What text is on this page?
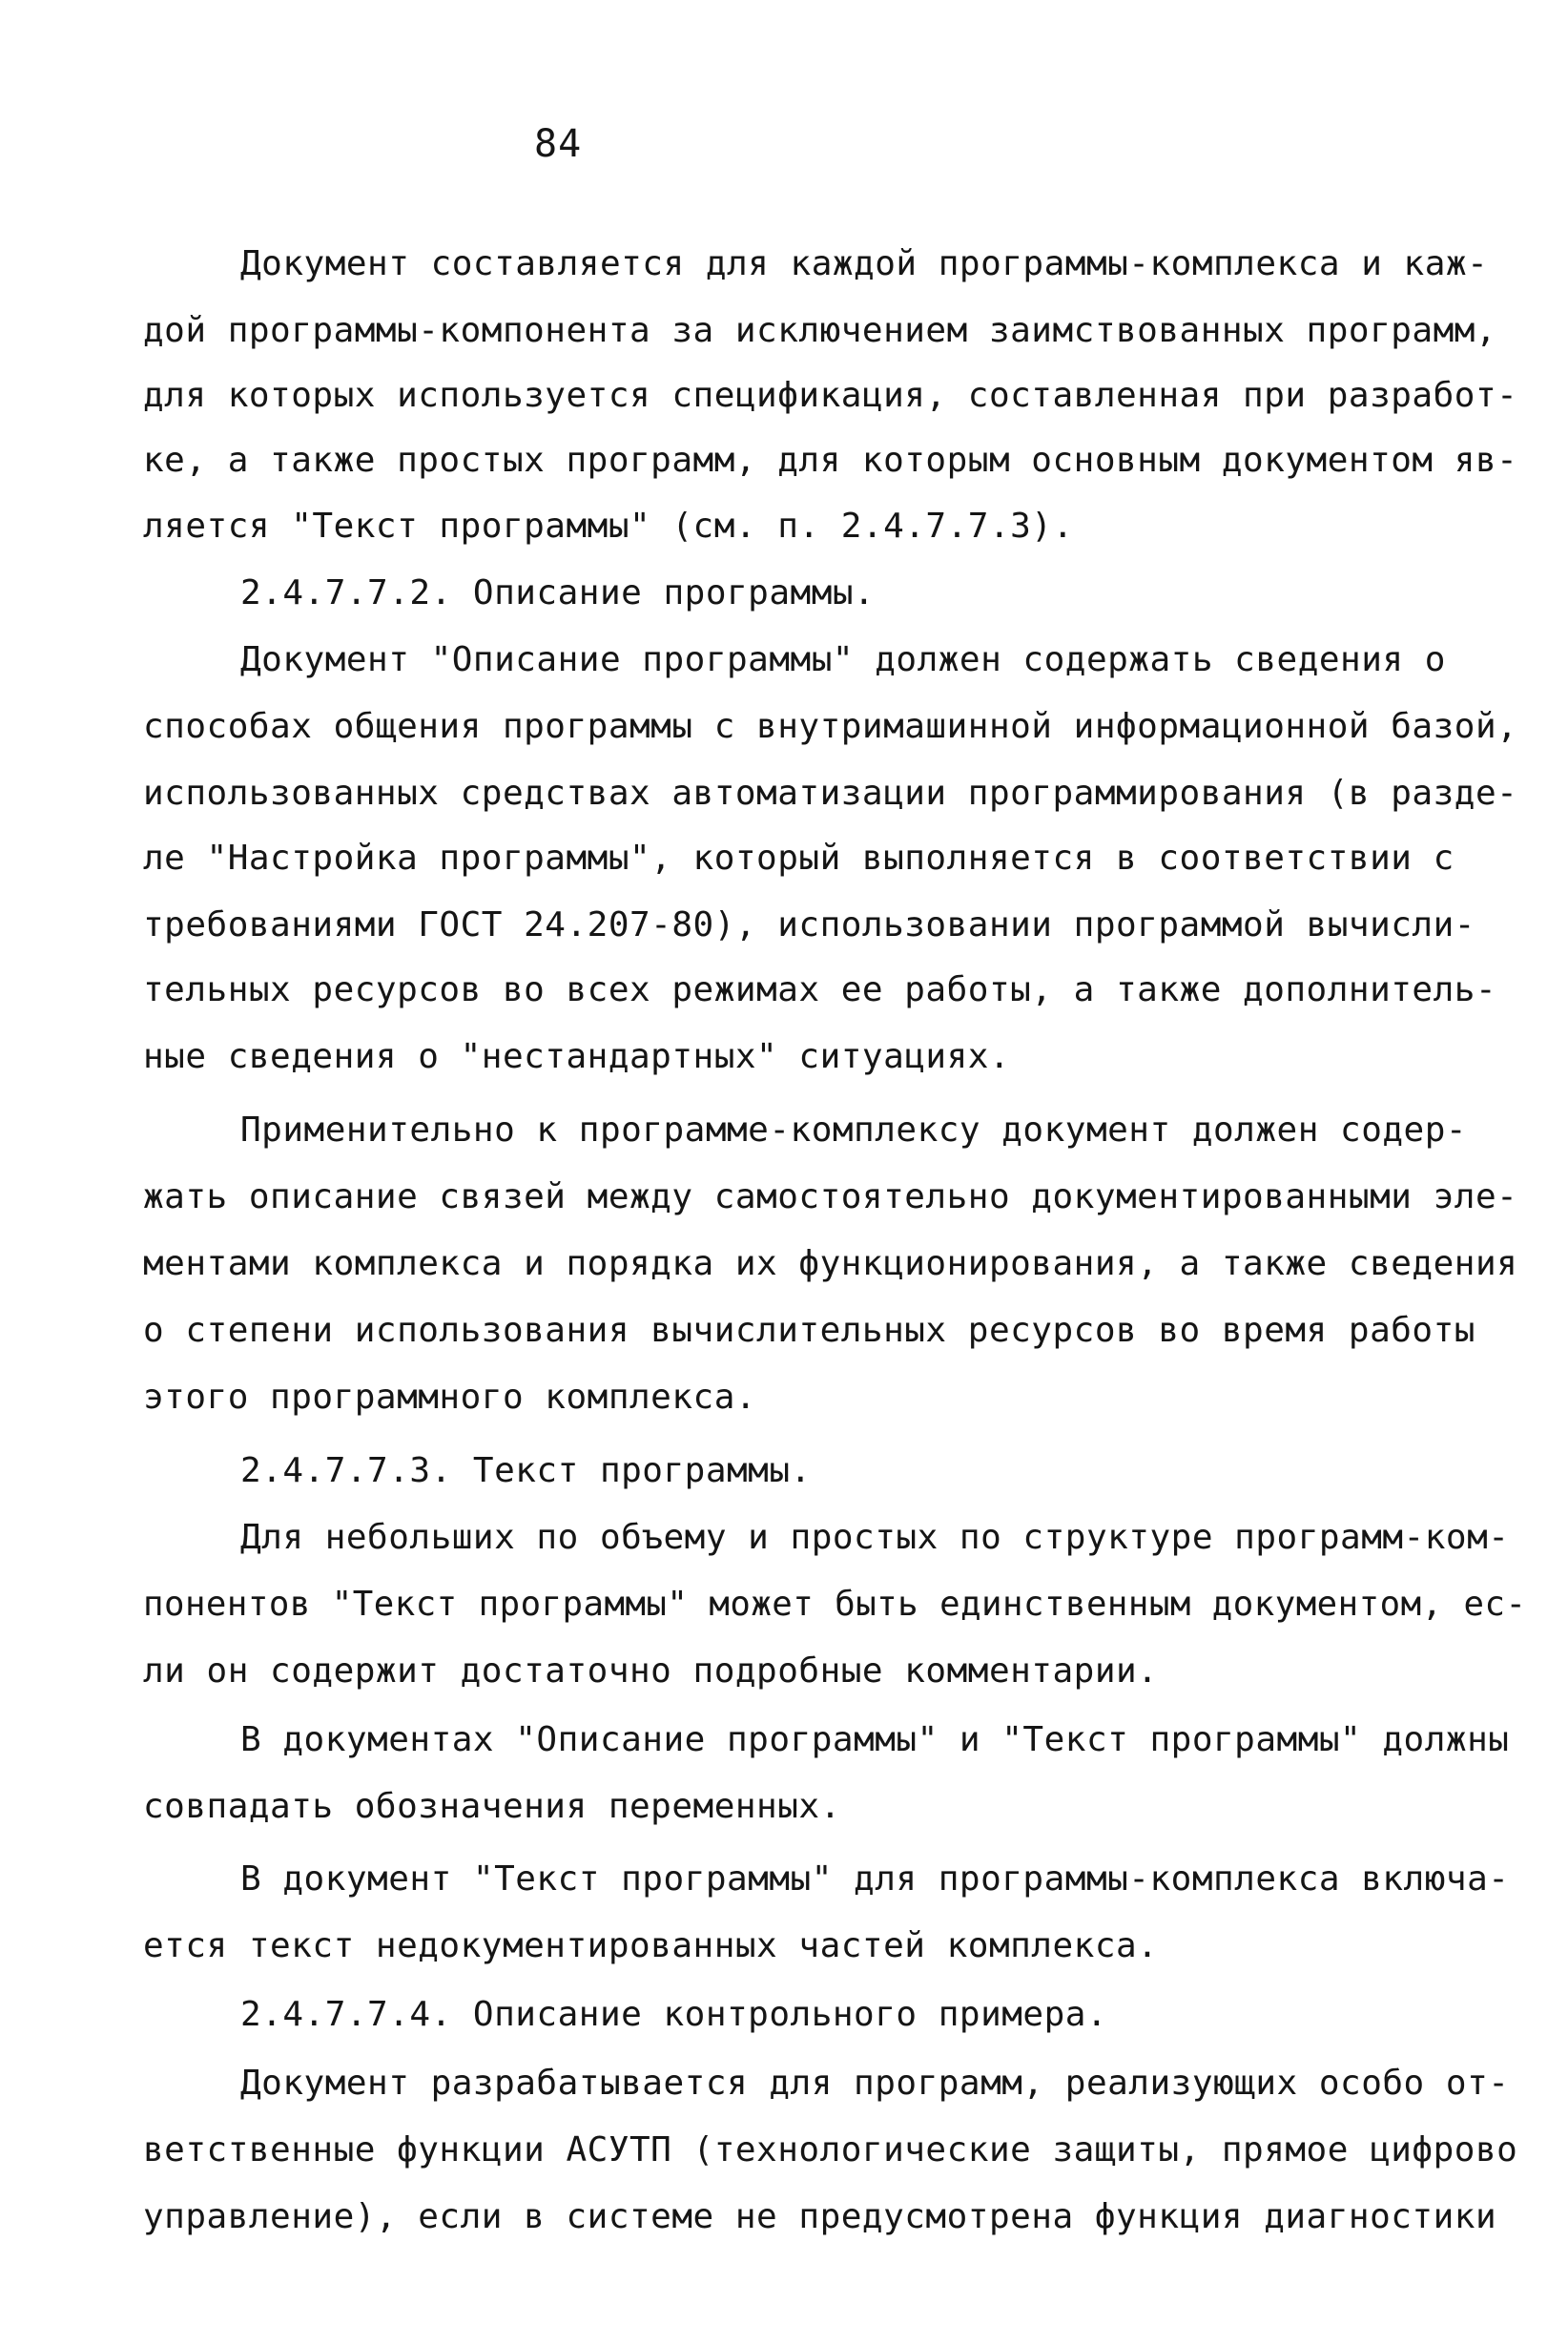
84
Документ составляется для каждой программы-комплекса и каж-
дой программы-компонента за исключением заимствованных программ,
для которых используется спецификация, составленная при разработ-
ке, а также простых программ, для которым основным документом яв-
ляется "Текст программы" (см. п. 2.4.7.7.3).
2.4.7.7.2. Описание программы.
Документ "Описание программы" должен содержать сведения о
способах общения программы с внутримашинной информационной базой,
использованных средствах автоматизации программирования (в разде-
ле "Настройка программы", который выполняется в соответствии с
требованиями ГОСТ 24.207-80), использовании программой вычисли-
тельных ресурсов во всех режимах ее работы, а также дополнитель-
ные сведения о "нестандартных" ситуациях.
Применительно к программе-комплексу документ должен содер-
жать описание связей между самостоятельно документированными эле-
ментами комплекса и порядка их функционирования, а также сведения
о степени использования вычислительных ресурсов во время работы
этого программного комплекса.
2.4.7.7.3. Текст программы.
Для небольших по объему и простых по структуре программ-ком-
понентов "Текст программы" может быть единственным документом, ес-
ли он содержит достаточно подробные комментарии.
В документах "Описание программы" и "Текст программы" должны
совпадать обозначения переменных.
В документ "Текст программы" для программы-комплекса включа-
ется текст недокументированных частей комплекса.
2.4.7.7.4. Описание контрольного примера.
Документ разрабатывается для программ, реализующих особо от-
ветственные функции АСУТП (технологические защиты, прямое цифрово
управление), если в системе не предусмотрена функция диагностики
